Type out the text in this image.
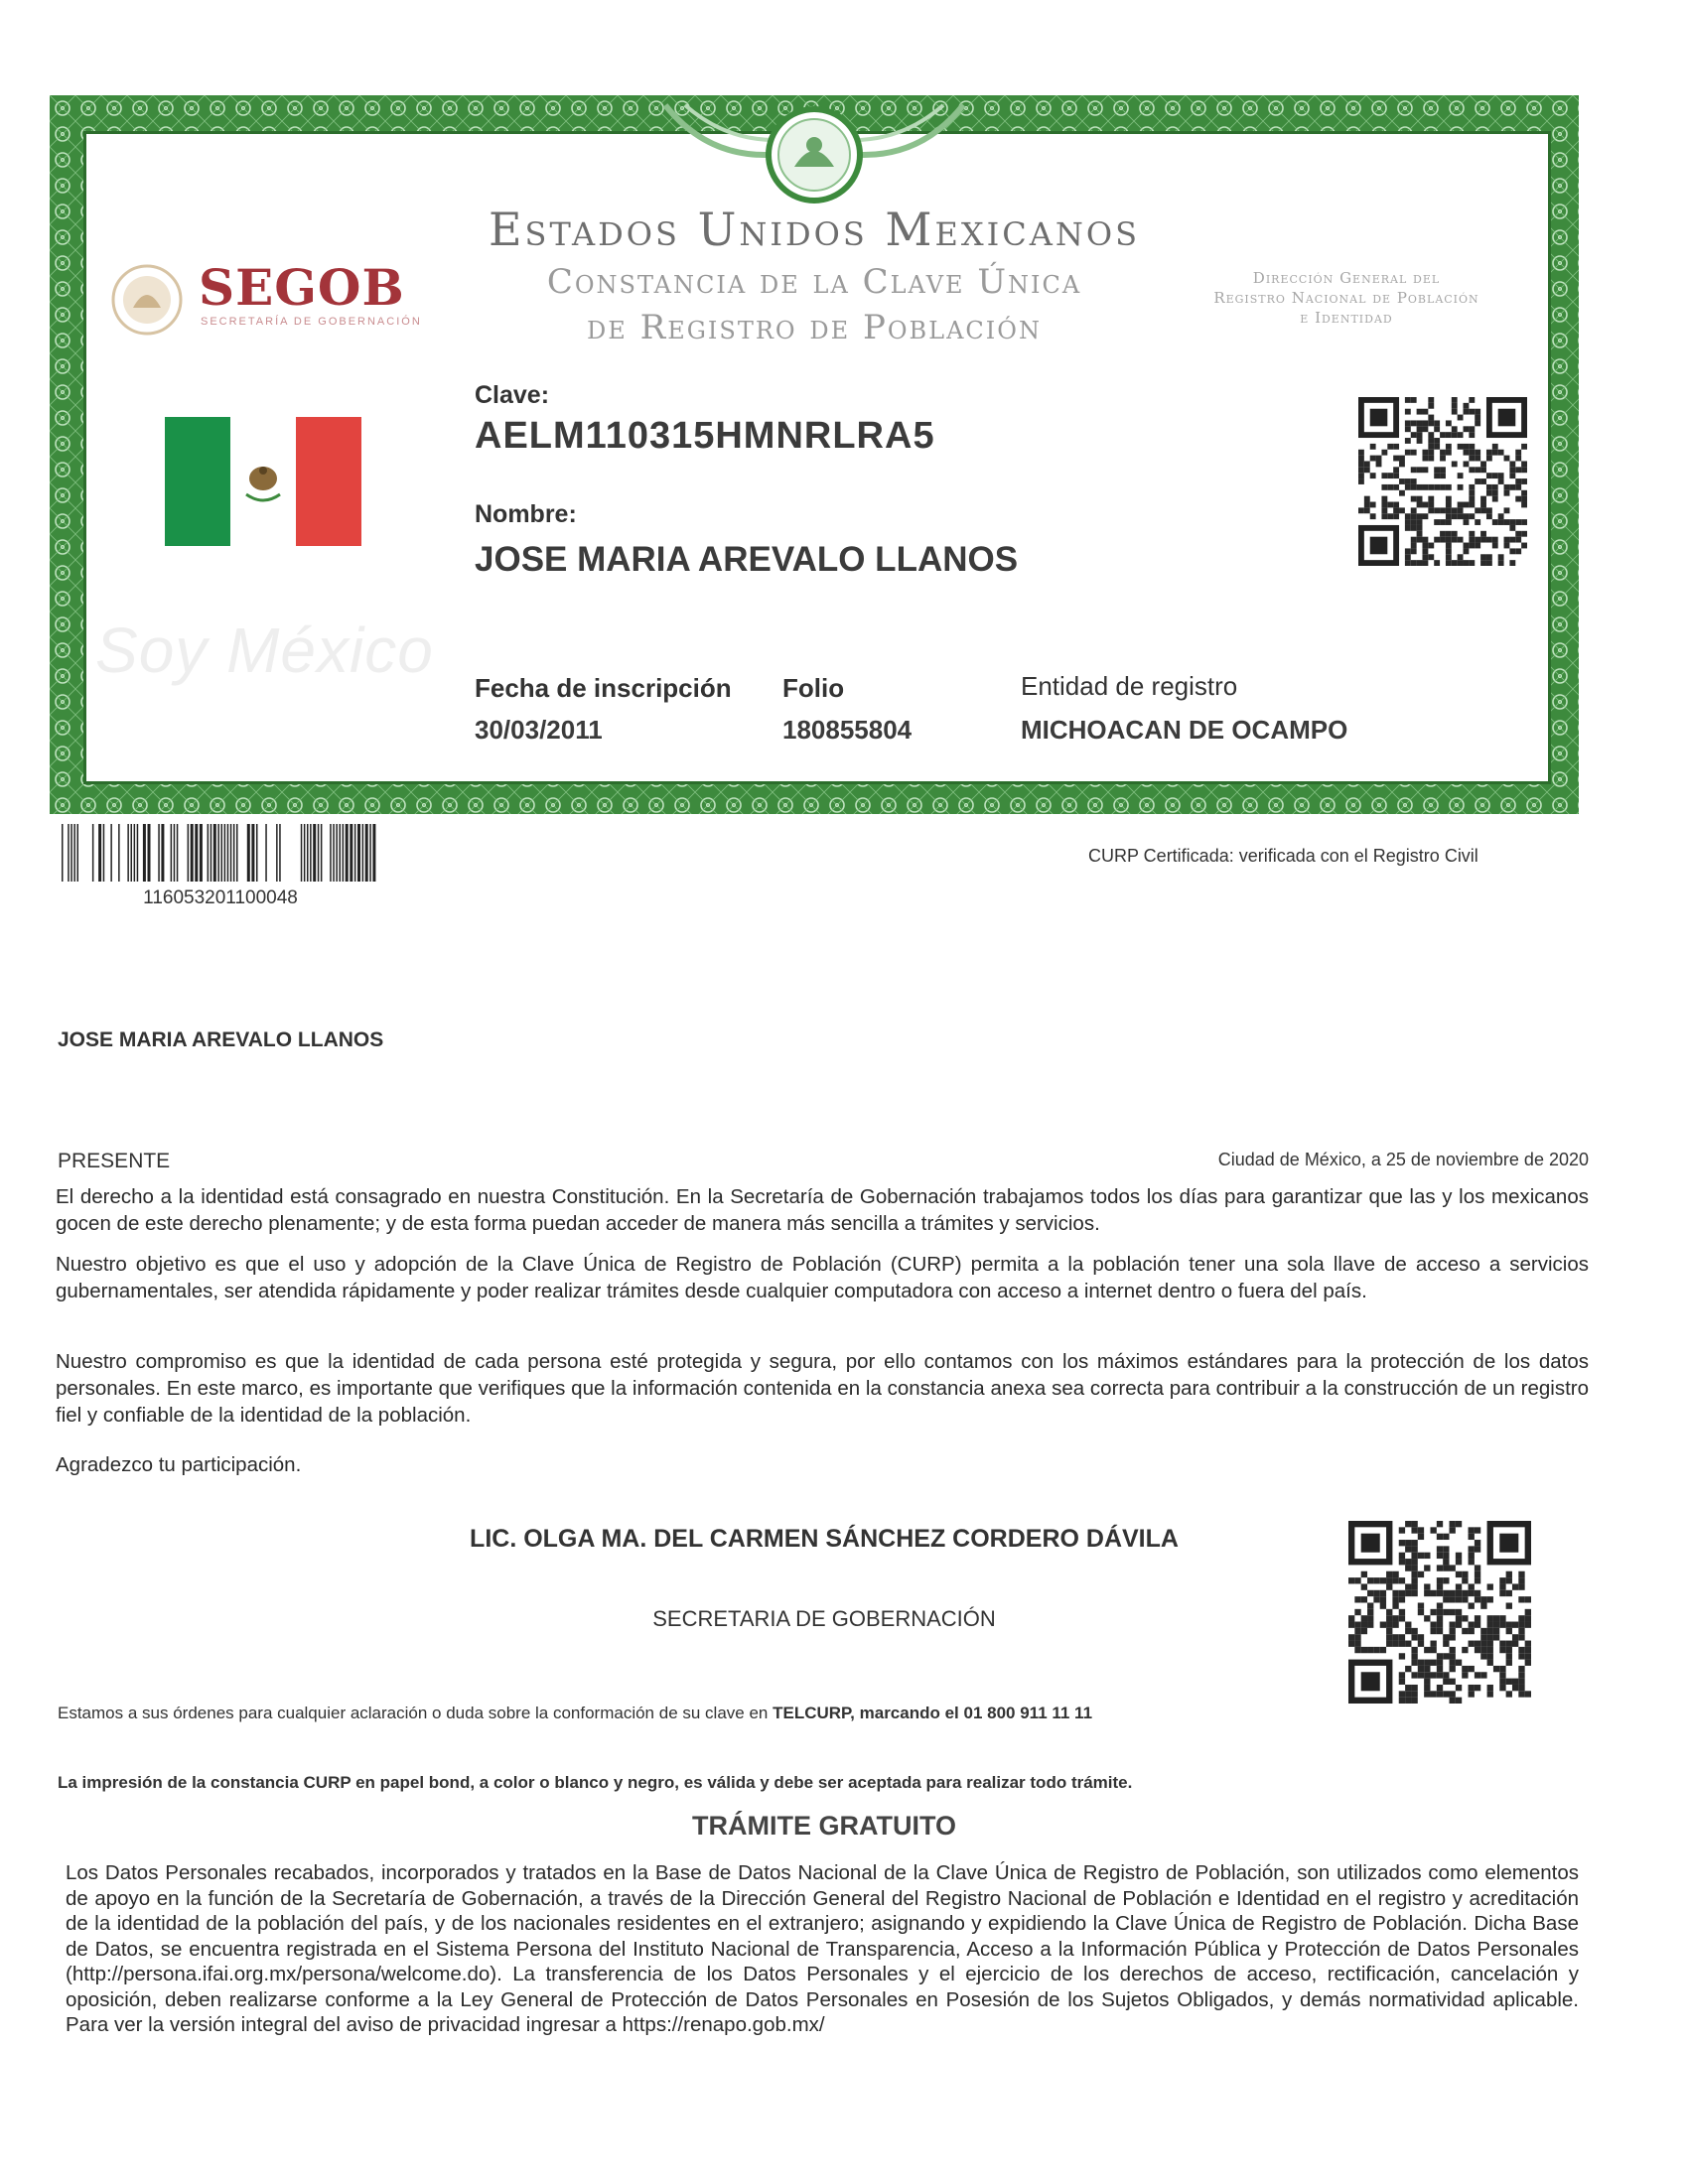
SEGOB
SECRETARÍA DE GOBERNACIÓN
Estados Unidos Mexicanos
Constancia de la Clave Única
de Registro de Población
Dirección General del
Registro Nacional de Población
e Identidad
Soy México
Clave:
AELM110315HMNRLRA5
Nombre:
JOSE MARIA AREVALO LLANOS
Fecha de inscripción
30/03/2011
Folio
180855804
Entidad de registro
MICHOACAN DE OCAMPO
116053201100048
CURP Certificada: verificada con el Registro Civil
JOSE MARIA AREVALO LLANOS
PRESENTE	Ciudad de México, a 25 de noviembre de 2020
El derecho a la identidad está consagrado en nuestra Constitución. En la Secretaría de Gobernación trabajamos todos los días para garantizar que las y los mexicanos gocen de este derecho plenamente; y de esta forma puedan acceder de manera más sencilla a trámites y servicios.
Nuestro objetivo es que el uso y adopción de la Clave Única de Registro de Población (CURP) permita a la población tener una sola llave de acceso a servicios gubernamentales, ser atendida rápidamente y poder realizar trámites desde cualquier computadora con acceso a internet dentro o fuera del país.
Nuestro compromiso es que la identidad de cada persona esté protegida y segura, por ello contamos con los máximos estándares para la protección de los datos personales. En este marco, es importante que verifiques que la información contenida en la constancia anexa sea correcta para contribuir a la construcción de un registro fiel y confiable de la identidad de la población.
Agradezco tu participación.
LIC. OLGA MA. DEL CARMEN SÁNCHEZ CORDERO DÁVILA
SECRETARIA DE GOBERNACIÓN
Estamos a sus órdenes para cualquier aclaración o duda sobre la conformación de su clave en TELCURP, marcando el 01 800 911 11 11
La impresión de la constancia CURP en papel bond, a color o blanco y negro, es válida y debe ser aceptada para realizar todo trámite.
TRÁMITE GRATUITO
Los Datos Personales recabados, incorporados y tratados en la Base de Datos Nacional de la Clave Única de Registro de Población, son utilizados como elementos de apoyo en la función de la Secretaría de Gobernación, a través de la Dirección General del Registro Nacional de Población e Identidad en el registro y acreditación de la identidad de la población del país, y de los nacionales residentes en el extranjero; asignando y expidiendo la Clave Única de Registro de Población. Dicha Base de Datos, se encuentra registrada en el Sistema Persona del Instituto Nacional de Transparencia, Acceso a la Información Pública y Protección de Datos Personales (http://persona.ifai.org.mx/persona/welcome.do). La transferencia de los Datos Personales y el ejercicio de los derechos de acceso, rectificación, cancelación y oposición, deben realizarse conforme a la Ley General de Protección de Datos Personales en Posesión de los Sujetos Obligados, y demás normatividad aplicable. Para ver la versión integral del aviso de privacidad ingresar a https://renapo.gob.mx/
